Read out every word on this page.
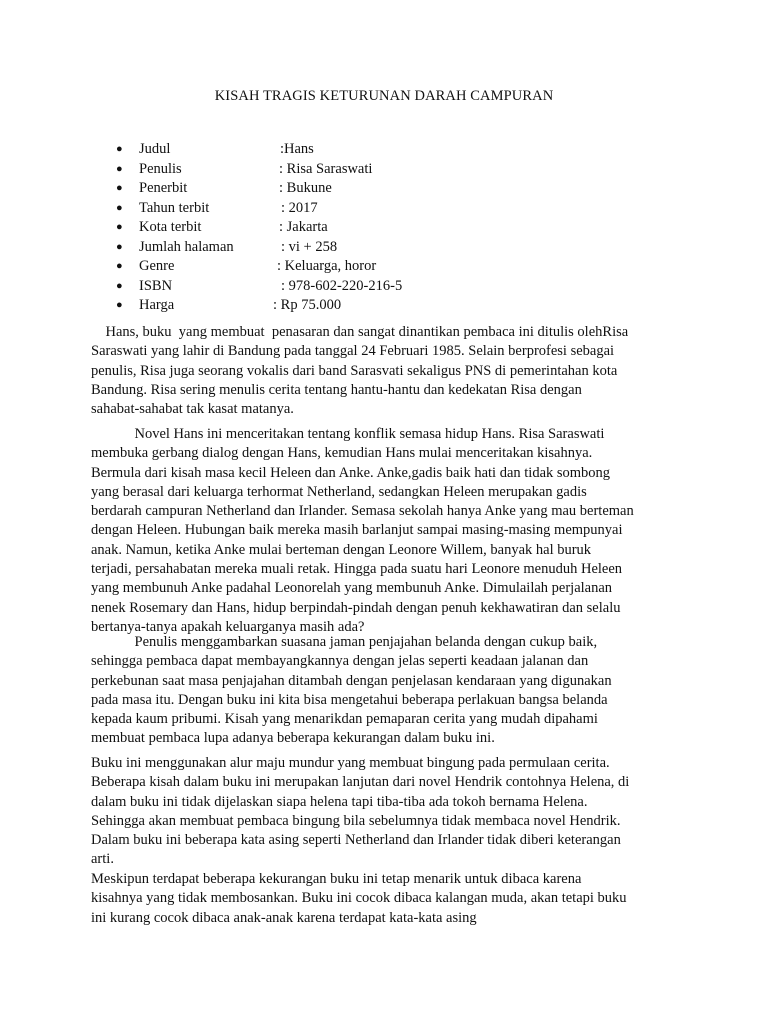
KISAH TRAGIS KETURUNAN DARAH CAMPURAN
●	Judul	:Hans
●	Penulis	: Risa Saraswati
●	Penerbit	: Bukune
●	Tahun terbit	: 2017
●	Kota terbit	: Jakarta
●	Jumlah halaman	: vi + 258
●	Genre	: Keluarga, horor
●	ISBN	: 978-602-220-216-5
●	Harga	: Rp 75.000
Hans, buku  yang membuat  penasaran dan sangat dinantikan pembaca ini ditulis olehRisa
Saraswati yang lahir di Bandung pada tanggal 24 Februari 1985. Selain berprofesi sebagai
penulis, Risa juga seorang vokalis dari band Sarasvati sekaligus PNS di pemerintahan kota
Bandung. Risa sering menulis cerita tentang hantu-hantu dan kedekatan Risa dengan
sahabat-sahabat tak kasat matanya.
Novel Hans ini menceritakan tentang konflik semasa hidup Hans. Risa Saraswati
membuka gerbang dialog dengan Hans, kemudian Hans mulai menceritakan kisahnya.
Bermula dari kisah masa kecil Heleen dan Anke. Anke,gadis baik hati dan tidak sombong
yang berasal dari keluarga terhormat Netherland, sedangkan Heleen merupakan gadis
berdarah campuran Netherland dan Irlander. Semasa sekolah hanya Anke yang mau berteman
dengan Heleen. Hubungan baik mereka masih barlanjut sampai masing-masing mempunyai
anak. Namun, ketika Anke mulai berteman dengan Leonore Willem, banyak hal buruk
terjadi, persahabatan mereka muali retak. Hingga pada suatu hari Leonore menuduh Heleen
yang membunuh Anke padahal Leonorelah yang membunuh Anke. Dimulailah perjalanan
nenek Rosemary dan Hans, hidup berpindah-pindah dengan penuh kekhawatiran dan selalu
bertanya-tanya apakah keluarganya masih ada?
Penulis menggambarkan suasana jaman penjajahan belanda dengan cukup baik,
sehingga pembaca dapat membayangkannya dengan jelas seperti keadaan jalanan dan
perkebunan saat masa penjajahan ditambah dengan penjelasan kendaraan yang digunakan
pada masa itu. Dengan buku ini kita bisa mengetahui beberapa perlakuan bangsa belanda
kepada kaum pribumi. Kisah yang menarikdan pemaparan cerita yang mudah dipahami
membuat pembaca lupa adanya beberapa kekurangan dalam buku ini.
Buku ini menggunakan alur maju mundur yang membuat bingung pada permulaan cerita.
Beberapa kisah dalam buku ini merupakan lanjutan dari novel Hendrik contohnya Helena, di
dalam buku ini tidak dijelaskan siapa helena tapi tiba-tiba ada tokoh bernama Helena.
Sehingga akan membuat pembaca bingung bila sebelumnya tidak membaca novel Hendrik.
Dalam buku ini beberapa kata asing seperti Netherland dan Irlander tidak diberi keterangan
arti.
Meskipun terdapat beberapa kekurangan buku ini tetap menarik untuk dibaca karena
kisahnya yang tidak membosankan. Buku ini cocok dibaca kalangan muda, akan tetapi buku
ini kurang cocok dibaca anak-anak karena terdapat kata-kata asing
